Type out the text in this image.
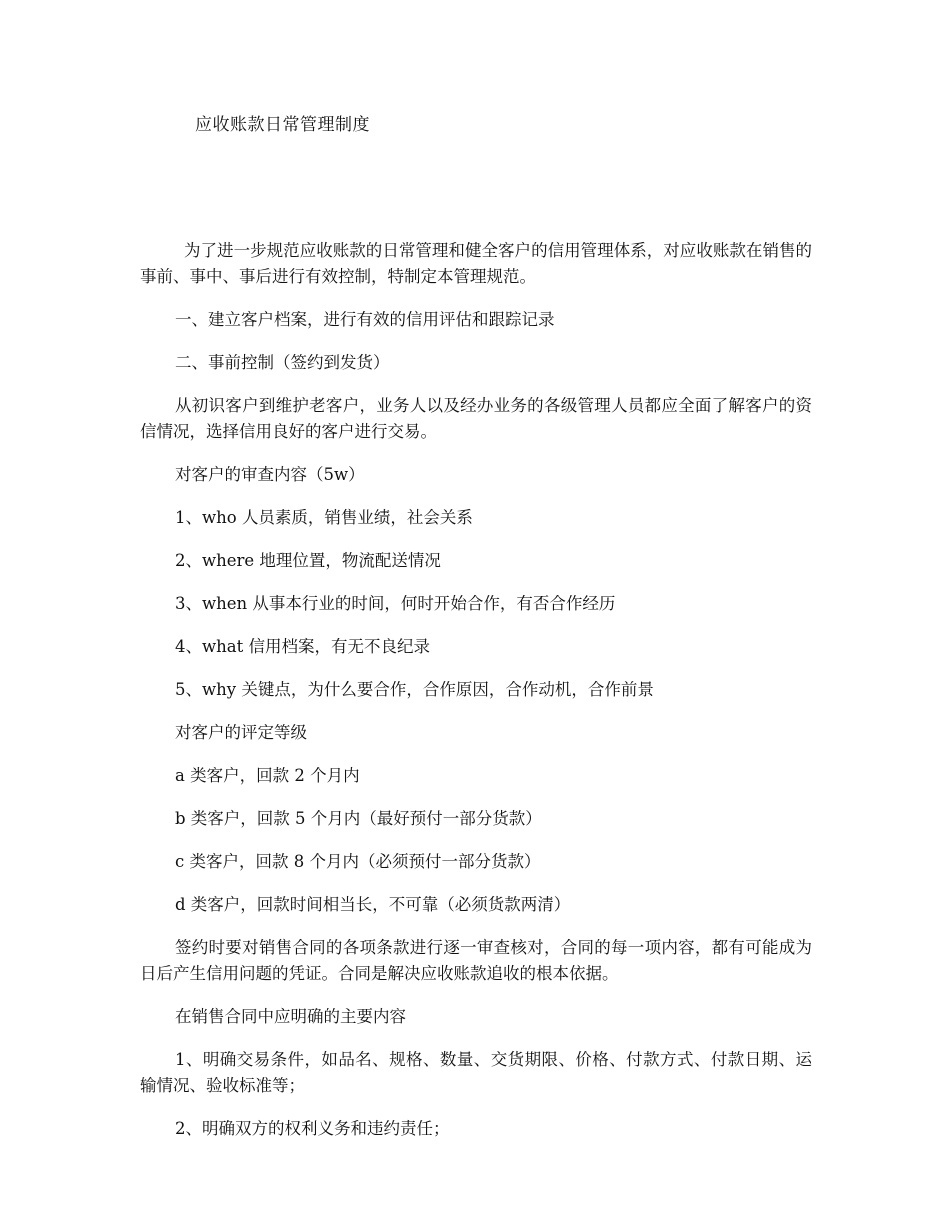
应收账款日常管理制度

为了进一步规范应收账款的日常管理和健全客户的信用管理体系，对应收账款在销售的事前、事中、事后进行有效控制，特制定本管理规范。

一、建立客户档案，进行有效的信用评估和跟踪记录

二、事前控制（签约到发货）

从初识客户到维护老客户，业务人以及经办业务的各级管理人员都应全面了解客户的资信情况，选择信用良好的客户进行交易。

对客户的审查内容（5w）

1、who 人员素质，销售业绩，社会关系

2、where 地理位置，物流配送情况

3、when 从事本行业的时间，何时开始合作，有否合作经历

4、what 信用档案，有无不良纪录

5、why 关键点，为什么要合作，合作原因，合作动机，合作前景

对客户的评定等级

a 类客户，回款 2 个月内

b 类客户，回款 5 个月内（最好预付一部分货款）

c 类客户，回款 8 个月内（必须预付一部分货款）

d 类客户，回款时间相当长，不可靠（必须货款两清）

签约时要对销售合同的各项条款进行逐一审查核对，合同的每一项内容，都有可能成为日后产生信用问题的凭证。合同是解决应收账款追收的根本依据。

在销售合同中应明确的主要内容

1、明确交易条件，如品名、规格、数量、交货期限、价格、付款方式、付款日期、运输情况、验收标准等；

2、明确双方的权利义务和违约责任；
